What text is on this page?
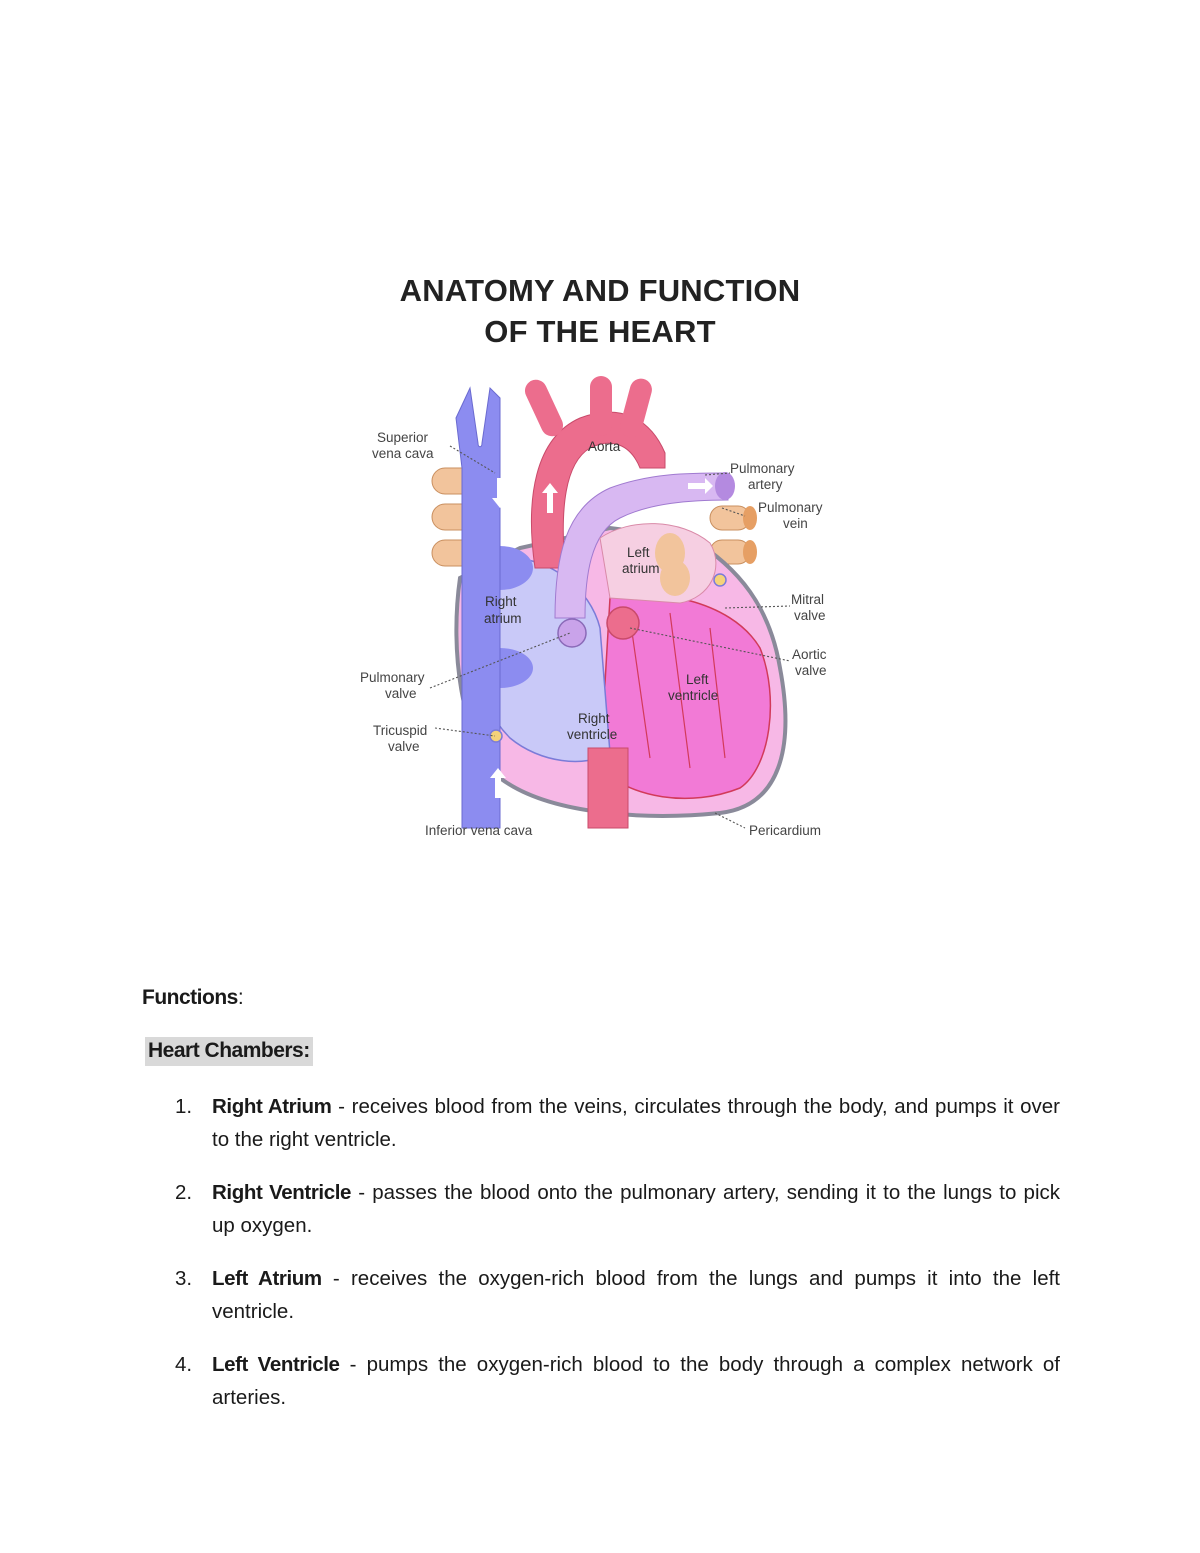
ANATOMY AND FUNCTION
OF THE HEART
Superior
vena cava	Aorta
Pulmonary
artery
Pulmonary
vein
Left
atrium
Right
atrium
Mitral
valve
Aortic
valve
Pulmonary
valve
Left
ventricle
Tricuspid
valve
Right
ventricle
Inferior vena cava	Pericardium
Functions:
Heart Chambers:
1. Right Atrium - receives blood from the veins, circulates through the body, and pumps it over to the right ventricle.
2. Right Ventricle - passes the blood onto the pulmonary artery, sending it to the lungs to pick up oxygen.
3. Left Atrium - receives the oxygen-rich blood from the lungs and pumps it into the left ventricle.
4. Left Ventricle - pumps the oxygen-rich blood to the body through a complex network of arteries.
